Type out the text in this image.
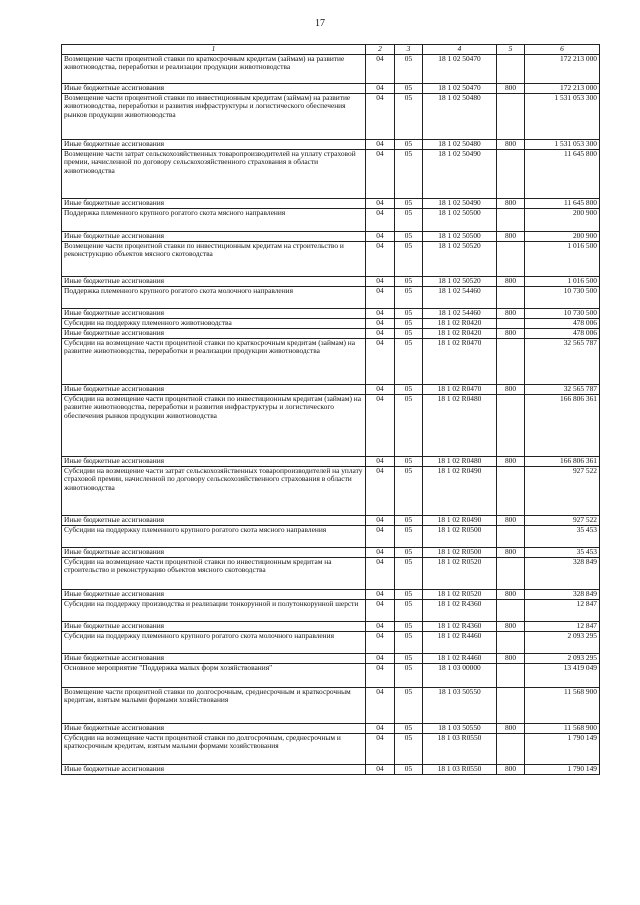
17
1	2	3	4	5	6
Возмещение части процентной ставки по краткосрочным кредитам (займам) на развитие животноводства, переработки и реализации продукции животноводства	04	05	18 1 02 50470		172 213 000
Иные бюджетные ассигнования	04	05	18 1 02 50470	800	172 213 000
Возмещение части процентной ставки по инвестиционным кредитам (займам) на развитие животноводства, переработки и развития инфраструктуры и логистического обеспечения рынков продукции животноводства	04	05	18 1 02 50480		1 531 053 300
Иные бюджетные ассигнования	04	05	18 1 02 50480	800	1 531 053 300
Возмещение части затрат сельскохозяйственных товаропроизводителей на уплату страховой премии, начисленной по договору сельскохозяйственного страхования в области животноводства	04	05	18 1 02 50490		11 645 800
Иные бюджетные ассигнования	04	05	18 1 02 50490	800	11 645 800
Поддержка племенного крупного рогатого скота мясного направления	04	05	18 1 02 50500		200 900
Иные бюджетные ассигнования	04	05	18 1 02 50500	800	200 900
Возмещение части процентной ставки по инвестиционным кредитам на строительство и реконструкцию объектов мясного скотоводства	04	05	18 1 02 50520		1 016 500
Иные бюджетные ассигнования	04	05	18 1 02 50520	800	1 016 500
Поддержка племенного крупного рогатого скота молочного направления	04	05	18 1 02 54460		10 730 500
Иные бюджетные ассигнования	04	05	18 1 02 54460	800	10 730 500
Субсидии на поддержку племенного животноводства	04	05	18 1 02 R0420		478 006
Иные бюджетные ассигнования	04	05	18 1 02 R0420	800	478 006
Субсидии на возмещение части процентной ставки по краткосрочным кредитам (займам) на развитие животноводства, переработки и реализации продукции животноводства	04	05	18 1 02 R0470		32 565 787
Иные бюджетные ассигнования	04	05	18 1 02 R0470	800	32 565 787
Субсидии на возмещение части процентной ставки по инвестиционным кредитам (займам) на развитие животноводства, переработки и развития инфраструктуры и логистического обеспечения рынков продукции животноводства	04	05	18 1 02 R0480		166 806 361
Иные бюджетные ассигнования	04	05	18 1 02 R0480	800	166 806 361
Субсидии на возмещение части затрат сельскохозяйственных товаропроизводителей на уплату страховой премии, начисленной по договору сельскохозяйственного страхования в области животноводства	04	05	18 1 02 R0490		927 522
Иные бюджетные ассигнования	04	05	18 1 02 R0490	800	927 522
Субсидии на поддержку племенного крупного рогатого скота мясного направления	04	05	18 1 02 R0500		35 453
Иные бюджетные ассигнования	04	05	18 1 02 R0500	800	35 453
Субсидии на возмещение части процентной ставки по инвестиционным кредитам на строительство и реконструкцию объектов мясного скотоводства	04	05	18 1 02 R0520		328 849
Иные бюджетные ассигнования	04	05	18 1 02 R0520	800	328 849
Субсидии на поддержку производства и реализации тонкорунной и полутонкорунной шерсти	04	05	18 1 02 R4360		12 847
Иные бюджетные ассигнования	04	05	18 1 02 R4360	800	12 847
Субсидии на поддержку племенного крупного рогатого скота молочного направления	04	05	18 1 02 R4460		2 093 295
Иные бюджетные ассигнования	04	05	18 1 02 R4460	800	2 093 295
Основное мероприятие "Поддержка малых форм хозяйствования"	04	05	18 1 03 00000		13 419 049
Возмещение части процентной ставки по долгосрочным, среднесрочным и краткосрочным кредитам, взятым малыми формами хозяйствования	04	05	18 1 03 50550		11 568 900
Иные бюджетные ассигнования	04	05	18 1 03 50550	800	11 568 900
Субсидии на возмещение части процентной ставки по долгосрочным, среднесрочным и краткосрочным кредитам, взятым малыми формами хозяйствования	04	05	18 1 03 R0550		1 790 149
Иные бюджетные ассигнования	04	05	18 1 03 R0550	800	1 790 149
